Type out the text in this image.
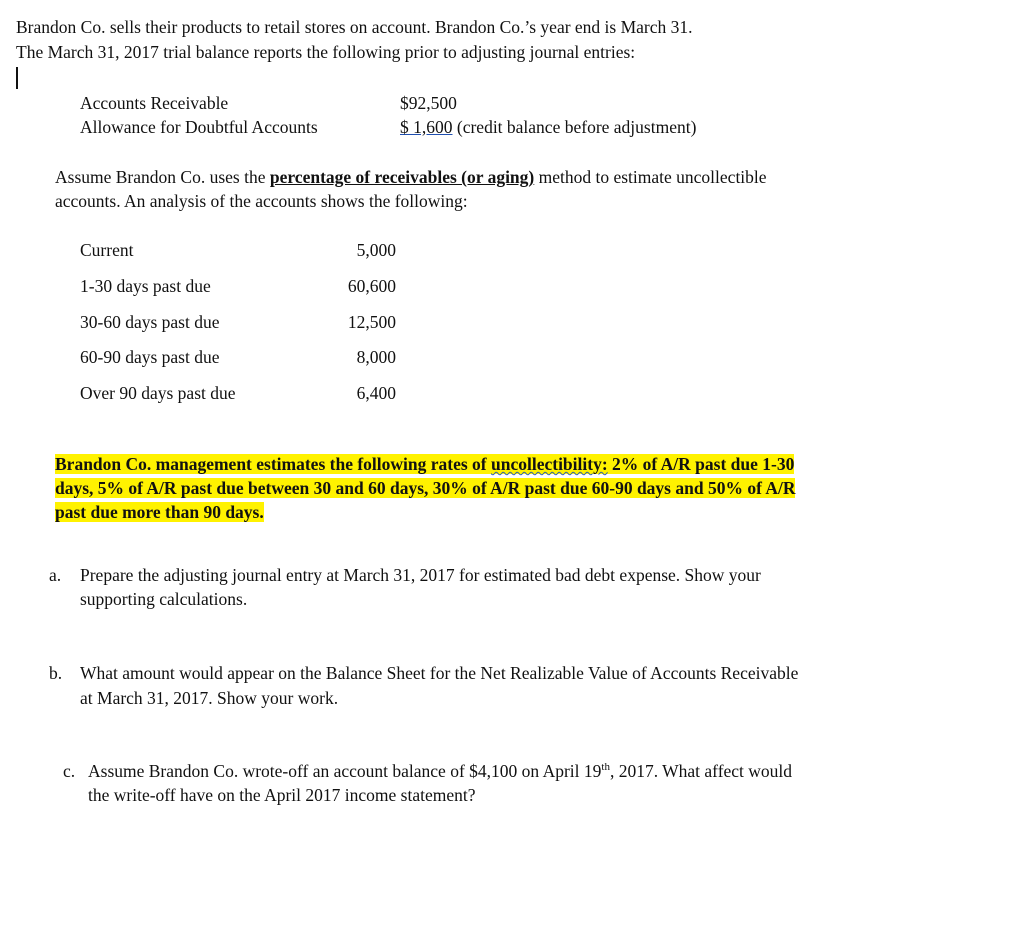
Brandon Co. sells their products to retail stores on account. Brandon Co.’s year end is March 31.
The March 31, 2017 trial balance reports the following prior to adjusting journal entries:
Accounts Receivable	$92,500
Allowance for Doubtful Accounts	$ 1,600 (credit balance before adjustment)
Assume Brandon Co. uses the percentage of receivables (or aging) method to estimate uncollectible
accounts. An analysis of the accounts shows the following:
Current	5,000
1-30 days past due	60,600
30-60 days past due	12,500
60-90 days past due	8,000
Over 90 days past due	6,400
Brandon Co. management estimates the following rates of uncollectibility: 2% of A/R past due 1-30
days, 5% of A/R past due between 30 and 60 days, 30% of A/R past due 60-90 days and 50% of A/R
past due more than 90 days.
a. Prepare the adjusting journal entry at March 31, 2017 for estimated bad debt expense. Show your
supporting calculations.
b. What amount would appear on the Balance Sheet for the Net Realizable Value of Accounts Receivable
at March 31, 2017. Show your work.
c. Assume Brandon Co. wrote-off an account balance of $4,100 on April 19th, 2017. What affect would
the write-off have on the April 2017 income statement?
